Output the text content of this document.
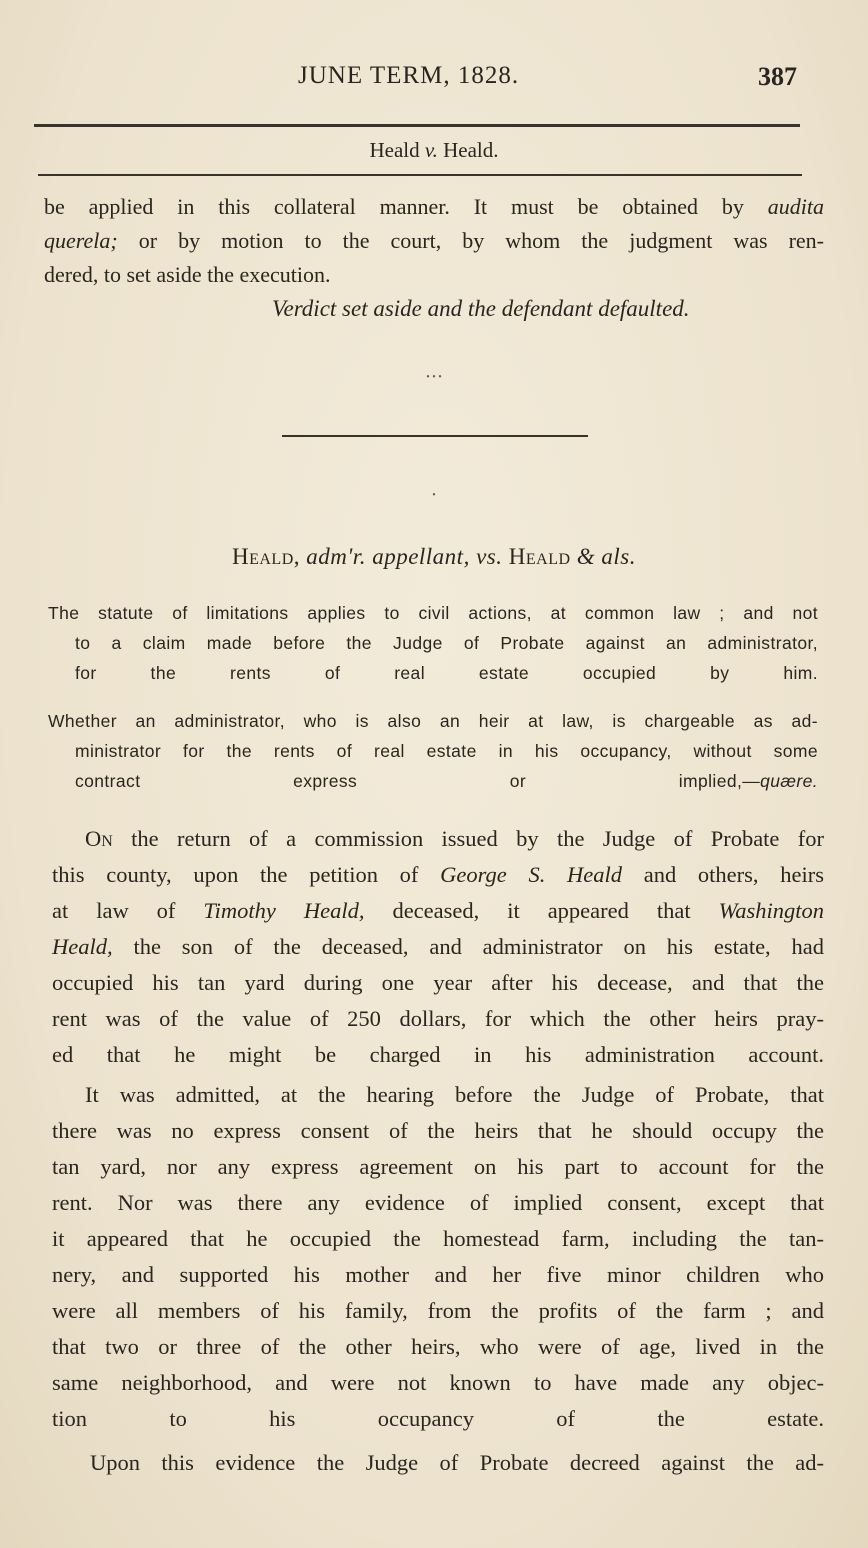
JUNE TERM, 1828.	387
Heald v. Heald.
be applied in this collateral manner. It must be obtained by audita
querela; or by motion to the court, by whom the judgment was ren-
dered, to set aside the execution.
Verdict set aside and the defendant defaulted.
• • •
•
Heald, adm'r. appellant, vs. Heald & als.
The statute of limitations applies to civil actions, at common law ; and not
to a claim made before the Judge of Probate against an administrator,
for the rents of real estate occupied by him.
Whether an administrator, who is also an heir at law, is chargeable as ad-
ministrator for the rents of real estate in his occupancy, without some
contract express or implied,—quære.
On the return of a commission issued by the Judge of Probate for
this county, upon the petition of George S. Heald and others, heirs
at law of Timothy Heald, deceased, it appeared that Washington
Heald, the son of the deceased, and administrator on his estate, had
occupied his tan yard during one year after his decease, and that the
rent was of the value of 250 dollars, for which the other heirs pray-
ed that he might be charged in his administration account.
It was admitted, at the hearing before the Judge of Probate, that
there was no express consent of the heirs that he should occupy the
tan yard, nor any express agreement on his part to account for the
rent. Nor was there any evidence of implied consent, except that
it appeared that he occupied the homestead farm, including the tan-
nery, and supported his mother and her five minor children who
were all members of his family, from the profits of the farm ; and
that two or three of the other heirs, who were of age, lived in the
same neighborhood, and were not known to have made any objec-
tion to his occupancy of the estate.
Upon this evidence the Judge of Probate decreed against the ad-
